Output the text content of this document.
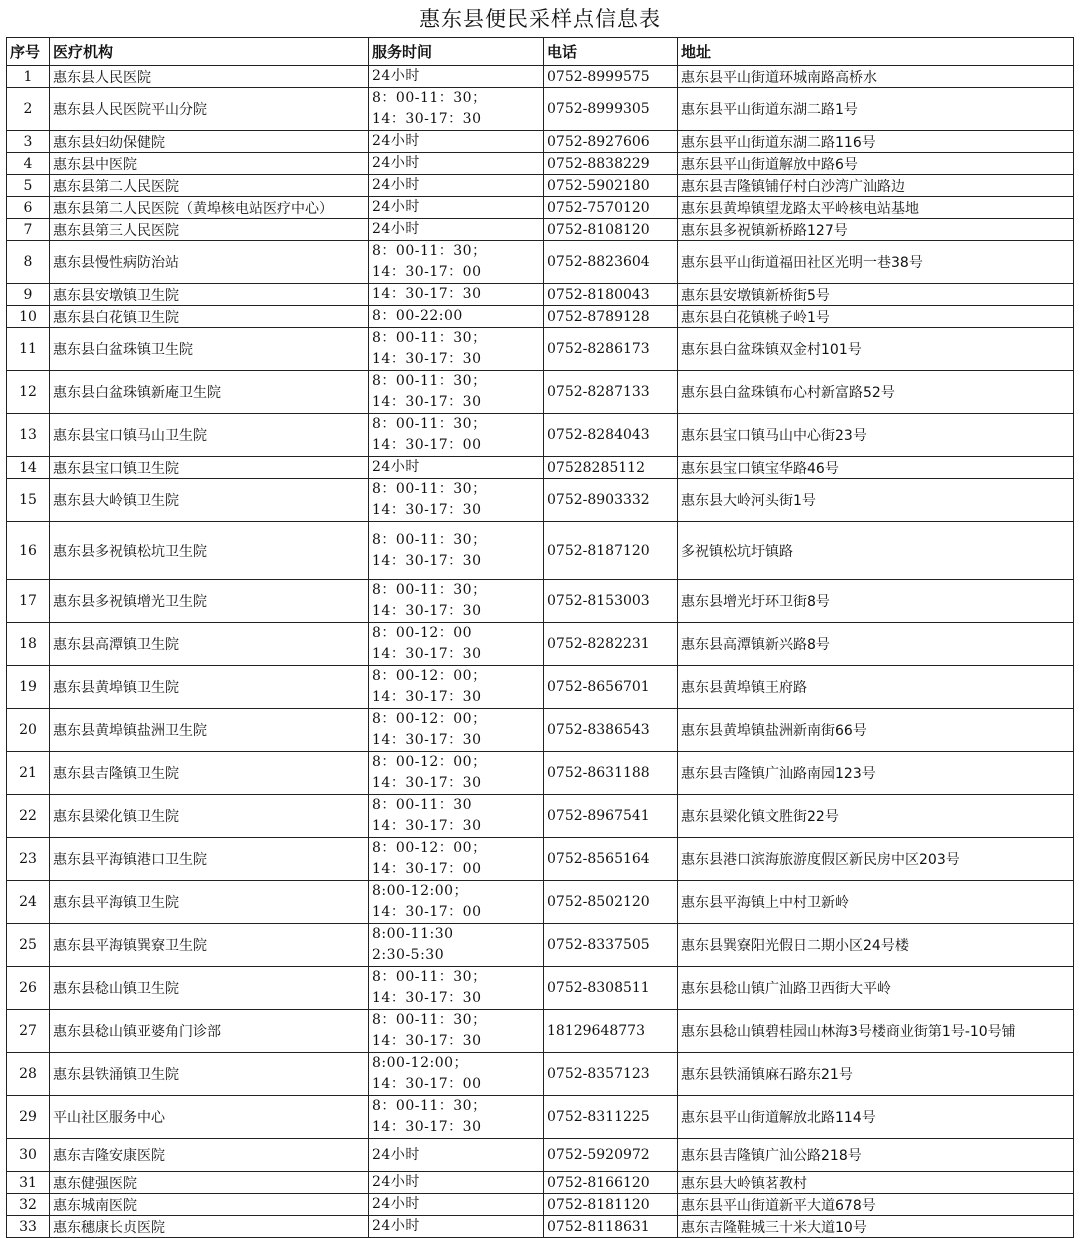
惠东县便民采样点信息表
序号	医疗机构	服务时间	电话	地址
1	惠东县人民医院	24小时	0752-8999575	惠东县平山街道环城南路高桥水
2	惠东县人民医院平山分院	8：00-11：30；
14：30-17：30	0752-8999305	惠东县平山街道东湖二路1号
3	惠东县妇幼保健院	24小时	0752-8927606	惠东县平山街道东湖二路116号
4	惠东县中医院	24小时	0752-8838229	惠东县平山街道解放中路6号
5	惠东县第二人民医院	24小时	0752-5902180	惠东县吉隆镇铺仔村白沙湾广汕路边
6	惠东县第二人民医院（黄埠核电站医疗中心）	24小时	0752-7570120	惠东县黄埠镇望龙路太平岭核电站基地
7	惠东县第三人民医院	24小时	0752-8108120	惠东县多祝镇新桥路127号
8	惠东县慢性病防治站	8：00-11：30；
14：30-17：00	0752-8823604	惠东县平山街道福田社区光明一巷38号
9	惠东县安墩镇卫生院	14：30-17：30	0752-8180043	惠东县安墩镇新桥街5号
10	惠东县白花镇卫生院	8：00-22:00	0752-8789128	惠东县白花镇桃子岭1号
11	惠东县白盆珠镇卫生院	8：00-11：30；
14：30-17：30	0752-8286173	惠东县白盆珠镇双金村101号
12	惠东县白盆珠镇新庵卫生院	8：00-11：30；
14：30-17：30	0752-8287133	惠东县白盆珠镇布心村新富路52号
13	惠东县宝口镇马山卫生院	8：00-11：30；
14：30-17：00	0752-8284043	惠东县宝口镇马山中心街23号
14	惠东县宝口镇卫生院	24小时	07528285112	惠东县宝口镇宝华路46号
15	惠东县大岭镇卫生院	8：00-11：30；
14：30-17：30	0752-8903332	惠东县大岭河头街1号
16	惠东县多祝镇松坑卫生院	8：00-11：30；
14：30-17：30	0752-8187120	多祝镇松坑圩镇路
17	惠东县多祝镇增光卫生院	8：00-11：30；
14：30-17：30	0752-8153003	惠东县增光圩环卫街8号
18	惠东县高潭镇卫生院	8：00-12：00
14：30-17：30	0752-8282231	惠东县高潭镇新兴路8号
19	惠东县黄埠镇卫生院	8：00-12：00；
14：30-17：30	0752-8656701	惠东县黄埠镇王府路
20	惠东县黄埠镇盐洲卫生院	8：00-12：00；
14：30-17：30	0752-8386543	惠东县黄埠镇盐洲新南街66号
21	惠东县吉隆镇卫生院	8：00-12：00；
14：30-17：30	0752-8631188	惠东县吉隆镇广汕路南园123号
22	惠东县梁化镇卫生院	8：00-11：30
14：30-17：30	0752-8967541	惠东县梁化镇文胜街22号
23	惠东县平海镇港口卫生院	8：00-12：00；
14：30-17：00	0752-8565164	惠东县港口滨海旅游度假区新民房中区203号
24	惠东县平海镇卫生院	8:00-12:00；
14：30-17：00	0752-8502120	惠东县平海镇上中村卫新岭
25	惠东县平海镇巽寮卫生院	8:00-11:30
2:30-5:30	0752-8337505	惠东县巽寮阳光假日二期小区24号楼
26	惠东县稔山镇卫生院	8：00-11：30；
14：30-17：30	0752-8308511	惠东县稔山镇广汕路卫西街大平岭
27	惠东县稔山镇亚婆角门诊部	8：00-11：30；
14：30-17：30	18129648773	惠东县稔山镇碧桂园山林海3号楼商业街第1号-10号铺
28	惠东县铁涌镇卫生院	8:00-12:00；
14：30-17：00	0752-8357123	惠东县铁涌镇麻石路东21号
29	平山社区服务中心	8：00-11：30；
14：30-17：30	0752-8311225	惠东县平山街道解放北路114号
30	惠东吉隆安康医院	24小时	0752-5920972	惠东县吉隆镇广汕公路218号
31	惠东健强医院	24小时	0752-8166120	惠东县大岭镇茗教村
32	惠东城南医院	24小时	0752-8181120	惠东县平山街道新平大道678号
33	惠东穗康长贞医院	24小时	0752-8118631	惠东吉隆鞋城三十米大道10号
